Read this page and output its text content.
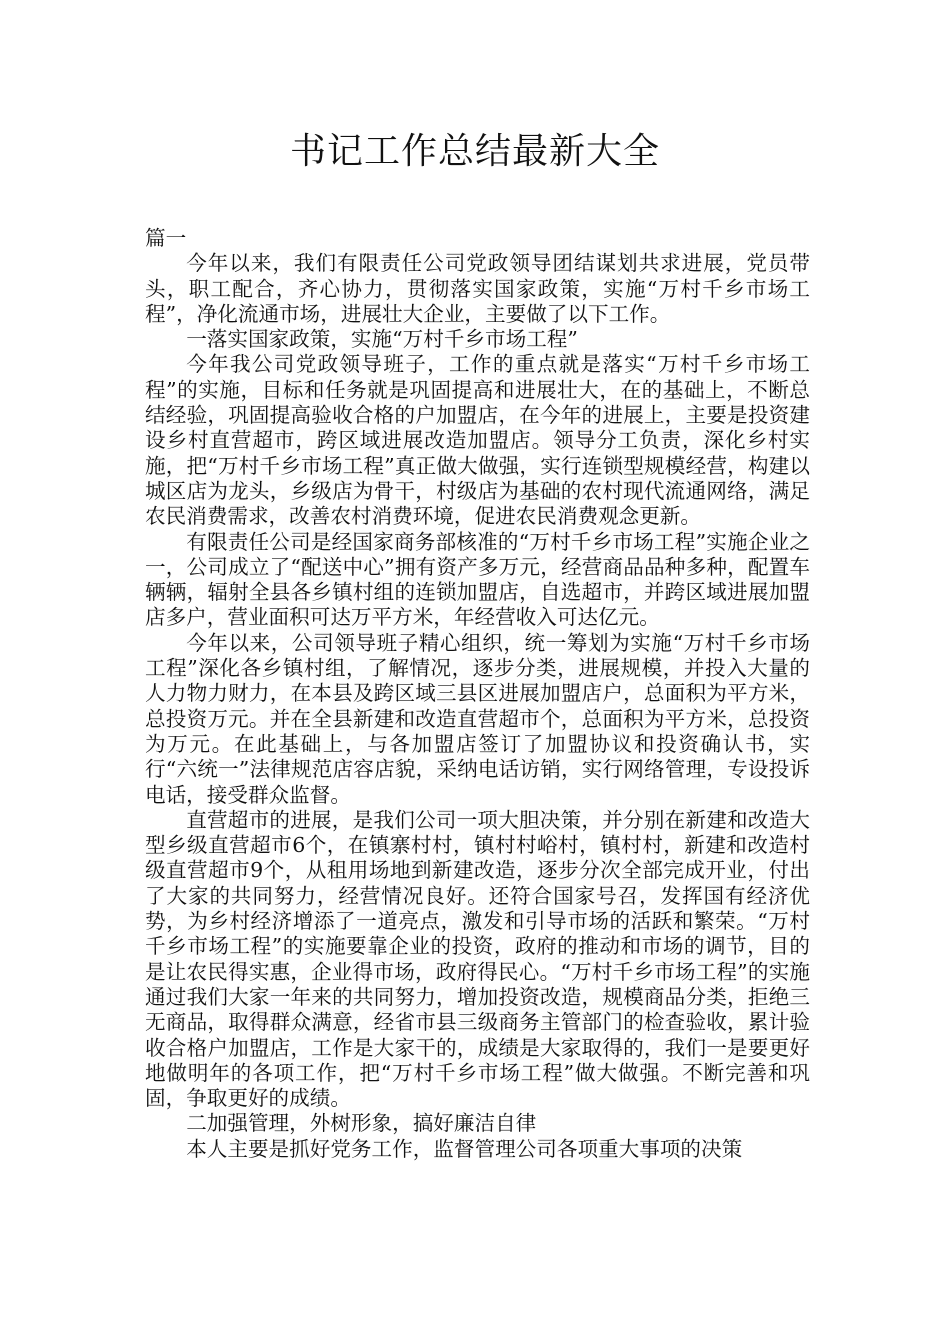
书记工作总结最新大全

篇一

今年以来，我们有限责任公司党政领导团结谋划共求进展，党员带头，职工配合，齐心协力，贯彻落实国家政策，实施“万村千乡市场工程”，净化流通市场，进展壮大企业，主要做了以下工作。

一落实国家政策，实施“万村千乡市场工程”

今年我公司党政领导班子，工作的重点就是落实“万村千乡市场工程”的实施，目标和任务就是巩固提高和进展壮大，在的基础上，不断总结经验，巩固提高验收合格的户加盟店，在今年的进展上，主要是投资建设乡村直营超市，跨区域进展改造加盟店。领导分工负责，深化乡村实施，把“万村千乡市场工程”真正做大做强，实行连锁型规模经营，构建以城区店为龙头，乡级店为骨干，村级店为基础的农村现代流通网络，满足农民消费需求，改善农村消费环境，促进农民消费观念更新。

有限责任公司是经国家商务部核准的“万村千乡市场工程”实施企业之一，公司成立了“配送中心”拥有资产多万元，经营商品品种多种，配置车辆辆，辐射全县各乡镇村组的连锁加盟店，自选超市，并跨区域进展加盟店多户，营业面积可达万平方米，年经营收入可达亿元。

今年以来，公司领导班子精心组织，统一筹划为实施“万村千乡市场工程”深化各乡镇村组，了解情况，逐步分类，进展规模，并投入大量的人力物力财力，在本县及跨区域三县区进展加盟店户，总面积为平方米，总投资万元。并在全县新建和改造直营超市个，总面积为平方米，总投资为万元。在此基础上，与各加盟店签订了加盟协议和投资确认书，实行“六统一”法律规范店容店貌，采纳电话访销，实行网络管理，专设投诉电话，接受群众监督。

直营超市的进展，是我们公司一项大胆决策，并分别在新建和改造大型乡级直营超市6个，在镇寨村村，镇村村峪村，镇村村，新建和改造村级直营超市9个，从租用场地到新建改造，逐步分次全部完成开业，付出了大家的共同努力，经营情况良好。还符合国家号召，发挥国有经济优势，为乡村经济增添了一道亮点，激发和引导市场的活跃和繁荣。“万村千乡市场工程”的实施要靠企业的投资，政府的推动和市场的调节，目的是让农民得实惠，企业得市场，政府得民心。“万村千乡市场工程”的实施通过我们大家一年来的共同努力，增加投资改造，规模商品分类，拒绝三无商品，取得群众满意，经省市县三级商务主管部门的检查验收，累计验收合格户加盟店，工作是大家干的，成绩是大家取得的，我们一是要更好地做明年的各项工作，把“万村千乡市场工程”做大做强。不断完善和巩固，争取更好的成绩。

二加强管理，外树形象，搞好廉洁自律

本人主要是抓好党务工作，监督管理公司各项重大事项的决策
